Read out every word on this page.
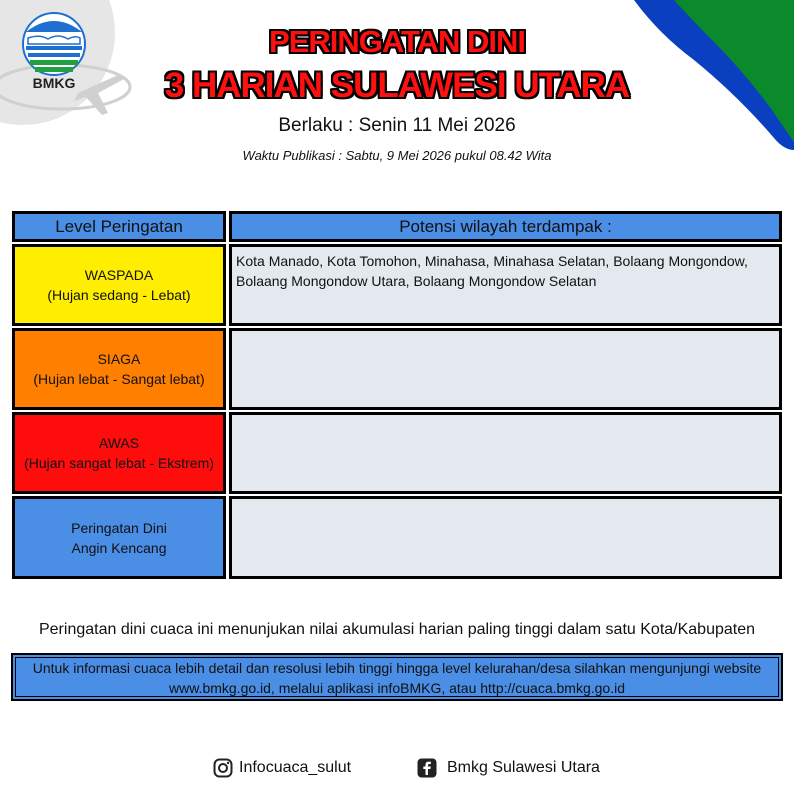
BMKG
PERINGATAN DINI
3 HARIAN SULAWESI UTARA
Berlaku : Senin 11 Mei 2026
Waktu Publikasi : Sabtu, 9 Mei 2026 pukul 08.42 Wita
Level Peringatan	Potensi wilayah terdampak :
WASPADA
(Hujan sedang - Lebat)
Kota Manado, Kota Tomohon, Minahasa, Minahasa Selatan, Bolaang Mongondow,
Bolaang Mongondow Utara, Bolaang Mongondow Selatan
SIAGA
(Hujan lebat - Sangat lebat)
AWAS
(Hujan sangat lebat - Ekstrem)
Peringatan Dini
Angin Kencang
Peringatan dini cuaca ini menunjukan nilai akumulasi harian paling tinggi dalam satu Kota/Kabupaten
Untuk informasi cuaca lebih detail dan resolusi lebih tinggi hingga level kelurahan/desa silahkan mengunjungi website
www.bmkg.go.id, melalui aplikasi infoBMKG, atau http://cuaca.bmkg.go.id
Infocuaca_sulut	Bmkg Sulawesi Utara
